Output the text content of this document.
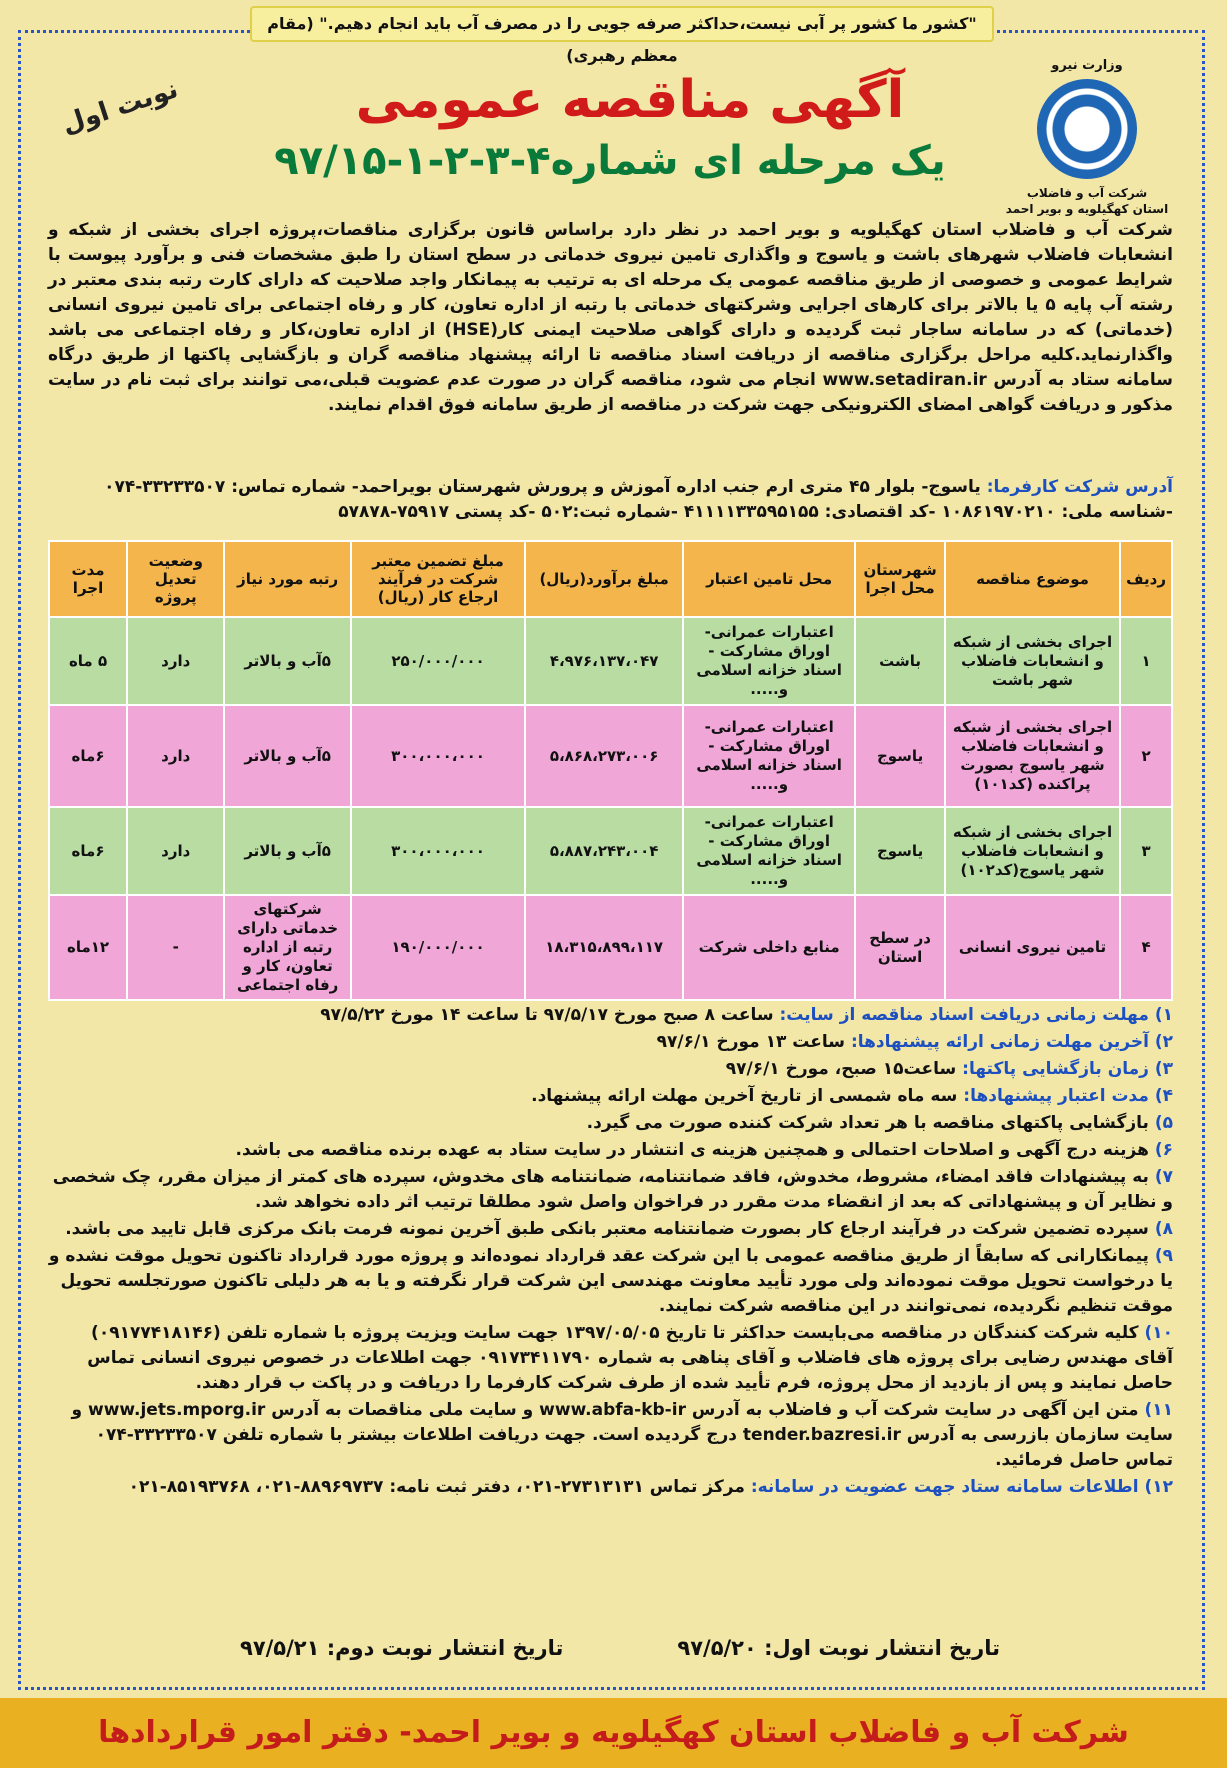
"کشور ما کشور پر آبی نیست،حداکثر صرفه جویی را در مصرف آب باید انجام دهیم." (مقام معظم رهبری)
وزارت نیرو
شرکت آب و فاضلاب
استان کهگیلویه و بویر احمد
آگهی مناقصه عمومی
یک مرحله ای شماره۴-۳-۲-۱-۹۷/۱۵
نوبت اول
شرکت آب و فاضلاب استان کهگیلویه و بویر احمد در نظر دارد براساس قانون برگزاری مناقصات،پروژه اجرای بخشی از شبکه و انشعابات فاضلاب شهرهای باشت و یاسوج و واگذاری تامین نیروی خدماتی در سطح استان را طبق مشخصات فنی و برآورد پیوست با شرایط عمومی و خصوصی از طریق مناقصه عمومی یک مرحله ای به ترتیب به پیمانکار واجد صلاحیت که دارای کارت رتبه بندی معتبر در رشته آب پایه ۵ یا بالاتر برای کارهای اجرایی وشرکتهای خدماتی با رتبه از اداره تعاون، کار و رفاه اجتماعی برای تامین نیروی انسانی (خدماتی) که در سامانه ساجار ثبت گردیده و دارای گواهی صلاحیت ایمنی کار(HSE) از اداره تعاون،کار و رفاه اجتماعی می باشد واگذارنماید.کلیه مراحل برگزاری مناقصه از دریافت اسناد مناقصه تا ارائه پیشنهاد مناقصه گران و بازگشایی پاکتها از طریق درگاه سامانه ستاد به آدرس www.setadiran.ir انجام می شود، مناقصه گران در صورت عدم عضویت قبلی،می توانند برای ثبت نام در سایت مذکور و دریافت گواهی امضای الکترونیکی جهت شرکت در مناقصه از طریق سامانه فوق اقدام نمایند.
آدرس شرکت کارفرما: یاسوج- بلوار ۴۵ متری ارم جنب اداره آموزش و پرورش شهرستان بویراحمد- شماره تماس: ۳۳۲۳۳۵۰۷-۰۷۴
-شناسه ملی: ۱۰۸۶۱۹۷۰۲۱۰ -کد اقتصادی: ۴۱۱۱۱۳۳۵۹۵۱۵۵ -شماره ثبت:۵۰۲ -کد پستی ۷۵۹۱۷-۵۷۸۷۸
ردیف	موضوع مناقصه	شهرستان محل اجرا	محل تامین اعتبار	مبلغ برآورد(ریال)	مبلغ تضمین معتبر شرکت در فرآیند ارجاع کار (ریال)	رتبه مورد نیاز	وضعیت تعدیل پروژه	مدت اجرا
۱	اجرای بخشی از شبکه و انشعابات فاضلاب شهر باشت	باشت	اعتبارات عمرانی- اوراق مشارکت - اسناد خزانه اسلامی و.....	۴،۹۷۶،۱۳۷،۰۴۷	۲۵۰/۰۰۰/۰۰۰	۵آب و بالاتر	دارد	۵ ماه
۲	اجرای بخشی از شبکه و انشعابات فاضلاب شهر یاسوج بصورت پراکنده (کد۱۰۱)	یاسوج	اعتبارات عمرانی- اوراق مشارکت - اسناد خزانه اسلامی و.....	۵،۸۶۸،۲۷۳،۰۰۶	۳۰۰،۰۰۰،۰۰۰	۵آب و بالاتر	دارد	۶ماه
۳	اجرای بخشی از شبکه و انشعابات فاضلاب شهر یاسوج(کد۱۰۲)	یاسوج	اعتبارات عمرانی- اوراق مشارکت - اسناد خزانه اسلامی و.....	۵،۸۸۷،۲۴۳،۰۰۴	۳۰۰،۰۰۰،۰۰۰	۵آب و بالاتر	دارد	۶ماه
۴	تامین نیروی انسانی	در سطح استان	منابع داخلی شرکت	۱۸،۳۱۵،۸۹۹،۱۱۷	۱۹۰/۰۰۰/۰۰۰	شرکتهای خدماتی دارای رتبه از اداره تعاون، کار و رفاه اجتماعی	-	۱۲ماه
۱) مهلت زمانی دریافت اسناد مناقصه از سایت: ساعت ۸ صبح مورخ ۹۷/۵/۱۷ تا ساعت ۱۴ مورخ ۹۷/۵/۲۲
۲) آخرین مهلت زمانی ارائه پیشنهادها: ساعت ۱۳ مورخ ۹۷/۶/۱
۳) زمان بازگشایی پاکتها: ساعت۱۵ صبح، مورخ ۹۷/۶/۱
۴) مدت اعتبار پیشنهادها: سه ماه شمسی از تاریخ آخرین مهلت ارائه پیشنهاد.
۵) بازگشایی پاکتهای مناقصه با هر تعداد شرکت کننده صورت می گیرد.
۶) هزینه درج آگهی و اصلاحات احتمالی و همچنین هزینه ی انتشار در سایت ستاد به عهده برنده مناقصه می باشد.
۷) به پیشنهادات فاقد امضاء، مشروط، مخدوش، فاقد ضمانتنامه، ضمانتنامه های مخدوش، سپرده های کمتر از میزان مقرر، چک شخصی و نظایر آن و پیشنهاداتی که بعد از انقضاء مدت مقرر در فراخوان واصل شود مطلقا ترتیب اثر داده نخواهد شد.
۸) سپرده تضمین شرکت در فرآیند ارجاع کار بصورت ضمانتنامه معتبر بانکی طبق آخرین نمونه فرمت بانک مرکزی قابل تایید می باشد.
۹) پیمانکارانی که سابقاً از طریق مناقصه عمومی با این شرکت عقد قرارداد نموده‌اند و پروژه مورد قرارداد تاکنون تحویل موقت نشده و یا درخواست تحویل موقت نموده‌اند ولی مورد تأیید معاونت مهندسی این شرکت قرار نگرفته و یا به هر دلیلی تاکنون صورتجلسه تحویل موقت تنظیم نگردیده، نمی‌توانند در این مناقصه شرکت نمایند.
۱۰) کلیه شرکت کنندگان در مناقصه می‌بایست حداکثر تا تاریخ ۱۳۹۷/۰۵/۰۵ جهت سایت ویزیت پروژه با شماره تلفن (۰۹۱۷۷۴۱۸۱۴۶) آقای مهندس رضایی برای پروژه های فاضلاب و آقای پناهی به شماره ۰۹۱۷۳۴۱۱۷۹۰ جهت اطلاعات در خصوص نیروی انسانی تماس حاصل نمایند و پس از بازدید از محل پروژه، فرم تأیید شده از طرف شرکت کارفرما را دریافت و در پاکت ب قرار دهند.
۱۱) متن این آگهی در سایت شرکت آب و فاضلاب به آدرس www.abfa-kb-ir و سایت ملی مناقصات به آدرس www.jets.mporg.ir و سایت سازمان بازرسی به آدرس tender.bazresi.ir درج گردیده است. جهت دریافت اطلاعات بیشتر با شماره تلفن ۳۳۲۳۳۵۰۷-۰۷۴ تماس حاصل فرمائید.
۱۲) اطلاعات سامانه ستاد جهت عضویت در سامانه: مرکز تماس ۲۷۳۱۳۱۳۱-۰۲۱، دفتر ثبت نامه: ۸۸۹۶۹۷۳۷-۰۲۱، ۸۵۱۹۳۷۶۸-۰۲۱
تاریخ انتشار نوبت اول: ۹۷/۵/۲۰
تاریخ انتشار نوبت دوم: ۹۷/۵/۲۱
شرکت آب و فاضلاب استان کهگیلویه و بویر احمد- دفتر امور قراردادها
